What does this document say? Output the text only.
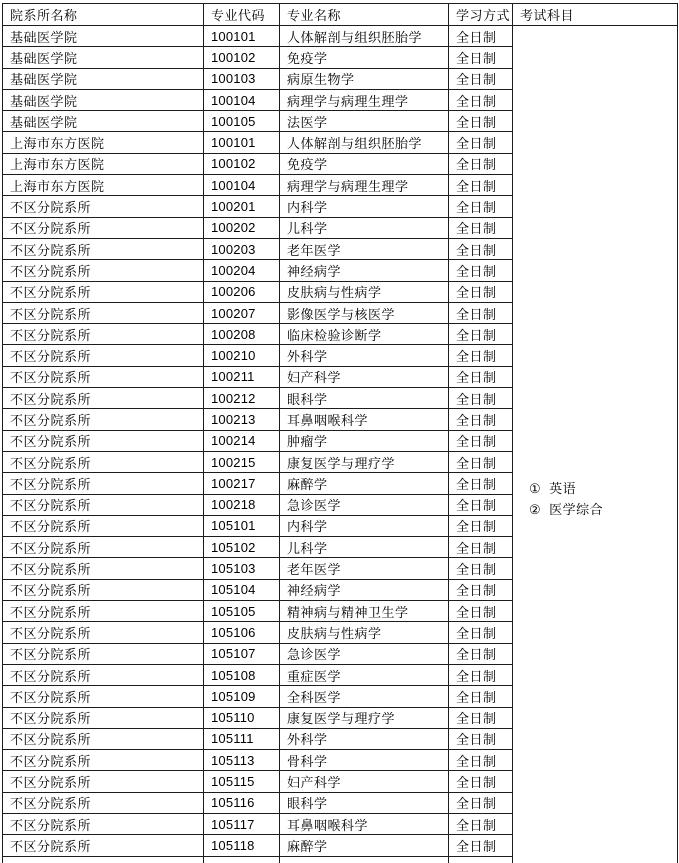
院系所名称	专业代码	专业名称	学习方式	考试科目
基础医学院	100101	人体解剖与组织胚胎学	全日制	① 英语
② 医学综合

基础医学院	100102	免疫学	全日制	
基础医学院	100103	病原生物学	全日制	
基础医学院	100104	病理学与病理生理学	全日制	
基础医学院	100105	法医学	全日制	
上海市东方医院	100101	人体解剖与组织胚胎学	全日制	
上海市东方医院	100102	免疫学	全日制	
上海市东方医院	100104	病理学与病理生理学	全日制	
不区分院系所	100201	内科学	全日制	
不区分院系所	100202	儿科学	全日制	
不区分院系所	100203	老年医学	全日制	
不区分院系所	100204	神经病学	全日制	
不区分院系所	100206	皮肤病与性病学	全日制	
不区分院系所	100207	影像医学与核医学	全日制	
不区分院系所	100208	临床检验诊断学	全日制	
不区分院系所	100210	外科学	全日制	
不区分院系所	100211	妇产科学	全日制	
不区分院系所	100212	眼科学	全日制	
不区分院系所	100213	耳鼻咽喉科学	全日制	
不区分院系所	100214	肿瘤学	全日制	
不区分院系所	100215	康复医学与理疗学	全日制	
不区分院系所	100217	麻醉学	全日制	
不区分院系所	100218	急诊医学	全日制	
不区分院系所	105101	内科学	全日制	
不区分院系所	105102	儿科学	全日制	
不区分院系所	105103	老年医学	全日制	
不区分院系所	105104	神经病学	全日制	
不区分院系所	105105	精神病与精神卫生学	全日制	
不区分院系所	105106	皮肤病与性病学	全日制	
不区分院系所	105107	急诊医学	全日制	
不区分院系所	105108	重症医学	全日制	
不区分院系所	105109	全科医学	全日制	
不区分院系所	105110	康复医学与理疗学	全日制	
不区分院系所	105111	外科学	全日制	
不区分院系所	105113	骨科学	全日制	
不区分院系所	105115	妇产科学	全日制	
不区分院系所	105116	眼科学	全日制	
不区分院系所	105117	耳鼻咽喉科学	全日制	
不区分院系所	105118	麻醉学	全日制	
